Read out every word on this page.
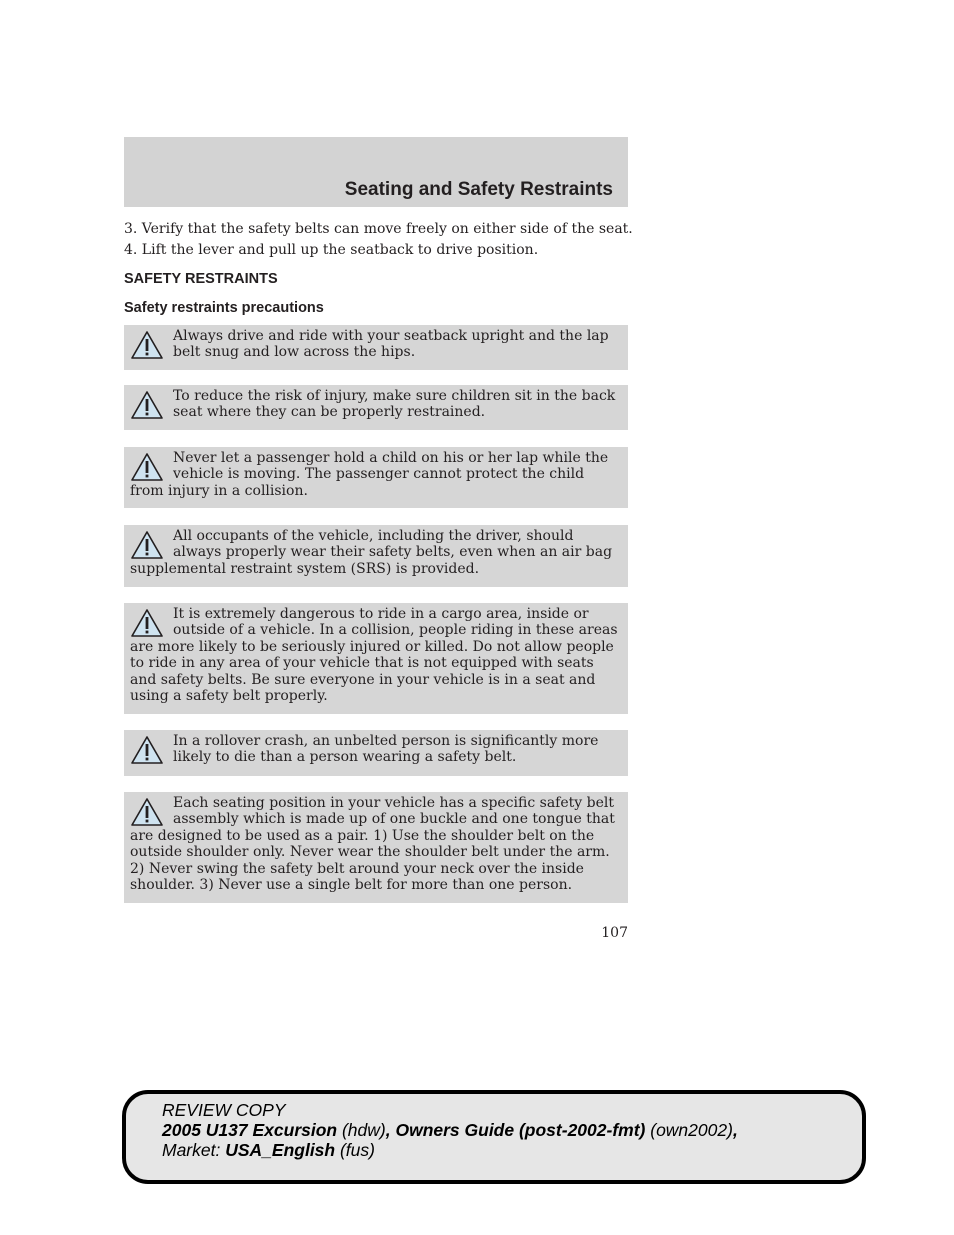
Seating and Safety Restraints
3. Verify that the safety belts can move freely on either side of the seat.
4. Lift the lever and pull up the seatback to drive position.
SAFETY RESTRAINTS
Safety restraints precautions
Always drive and ride with your seatback upright and the lap belt snug and low across the hips.
To reduce the risk of injury, make sure children sit in the back seat where they can be properly restrained.
Never let a passenger hold a child on his or her lap while the vehicle is moving. The passenger cannot protect the child from injury in a collision.
All occupants of the vehicle, including the driver, should always properly wear their safety belts, even when an air bag supplemental restraint system (SRS) is provided.
It is extremely dangerous to ride in a cargo area, inside or outside of a vehicle. In a collision, people riding in these areas are more likely to be seriously injured or killed. Do not allow people to ride in any area of your vehicle that is not equipped with seats and safety belts. Be sure everyone in your vehicle is in a seat and using a safety belt properly.
In a rollover crash, an unbelted person is significantly more likely to die than a person wearing a safety belt.
Each seating position in your vehicle has a specific safety belt assembly which is made up of one buckle and one tongue that are designed to be used as a pair. 1) Use the shoulder belt on the outside shoulder only. Never wear the shoulder belt under the arm. 2) Never swing the safety belt around your neck over the inside shoulder. 3) Never use a single belt for more than one person.
107
REVIEW COPY
2005 U137 Excursion (hdw), Owners Guide (post-2002-fmt) (own2002),
Market: USA_English (fus)
